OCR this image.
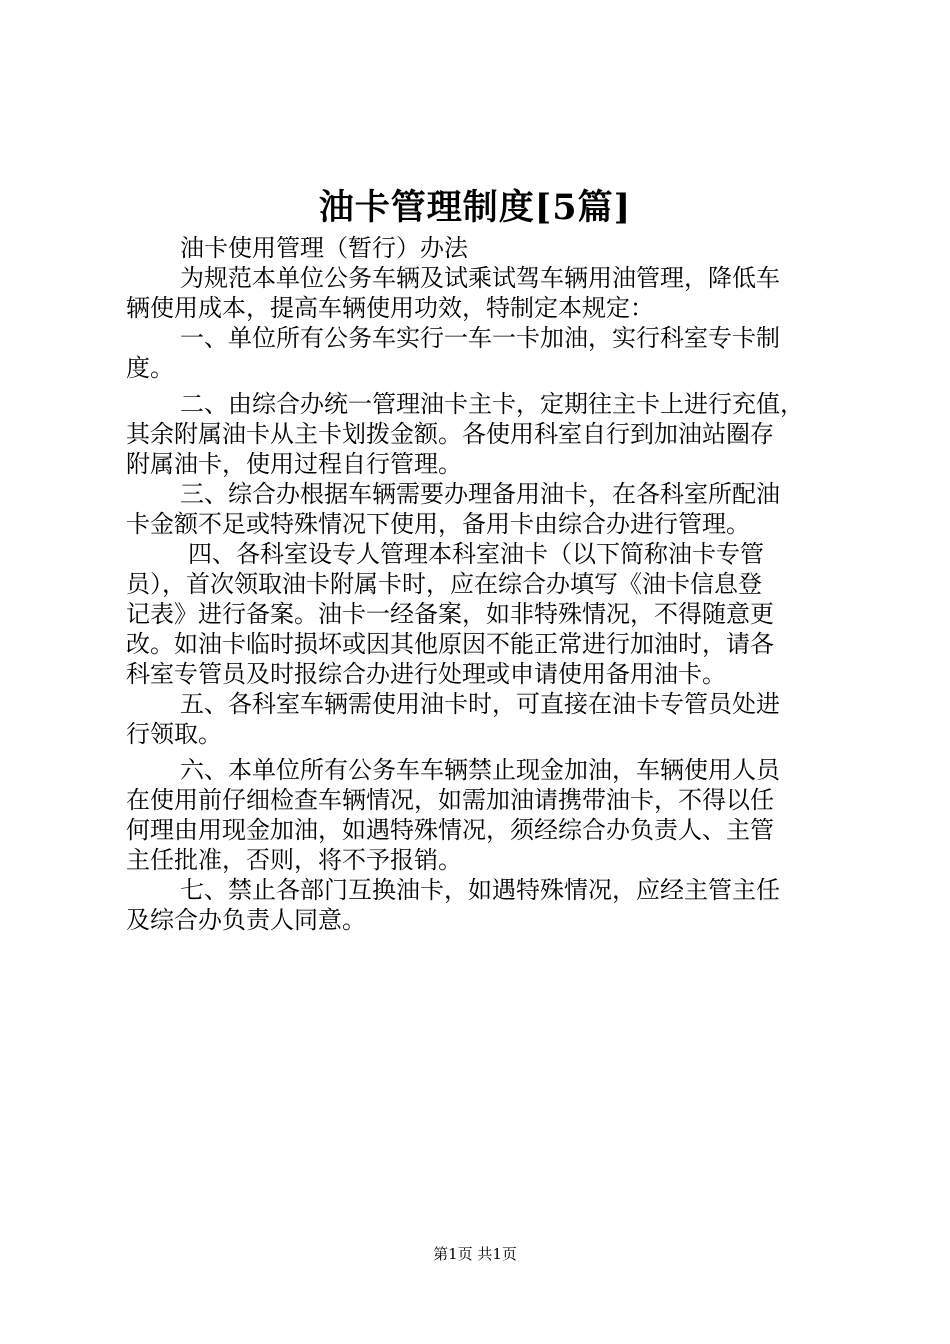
油卡管理制度[5篇]
油卡使用管理（暂行）办法
为规范本单位公务车辆及试乘试驾车辆用油管理，降低车
辆使用成本，提高车辆使用功效，特制定本规定：
一、单位所有公务车实行一车一卡加油，实行科室专卡制
度。
二、由综合办统一管理油卡主卡，定期往主卡上进行充值，
其余附属油卡从主卡划拨金额。各使用科室自行到加油站圈存
附属油卡，使用过程自行管理。
三、综合办根据车辆需要办理备用油卡，在各科室所配油
卡金额不足或特殊情况下使用，备用卡由综合办进行管理。
四、各科室设专人管理本科室油卡（以下简称油卡专管
员），首次领取油卡附属卡时，应在综合办填写《油卡信息登
记表》进行备案。油卡一经备案，如非特殊情况，不得随意更
改。如油卡临时损坏或因其他原因不能正常进行加油时，请各
科室专管员及时报综合办进行处理或申请使用备用油卡。
五、各科室车辆需使用油卡时，可直接在油卡专管员处进
行领取。
六、本单位所有公务车车辆禁止现金加油，车辆使用人员
在使用前仔细检查车辆情况，如需加油请携带油卡，不得以任
何理由用现金加油，如遇特殊情况，须经综合办负责人、主管
主任批准，否则，将不予报销。
七、禁止各部门互换油卡，如遇特殊情况，应经主管主任
及综合办负责人同意。
第1页 共1页
